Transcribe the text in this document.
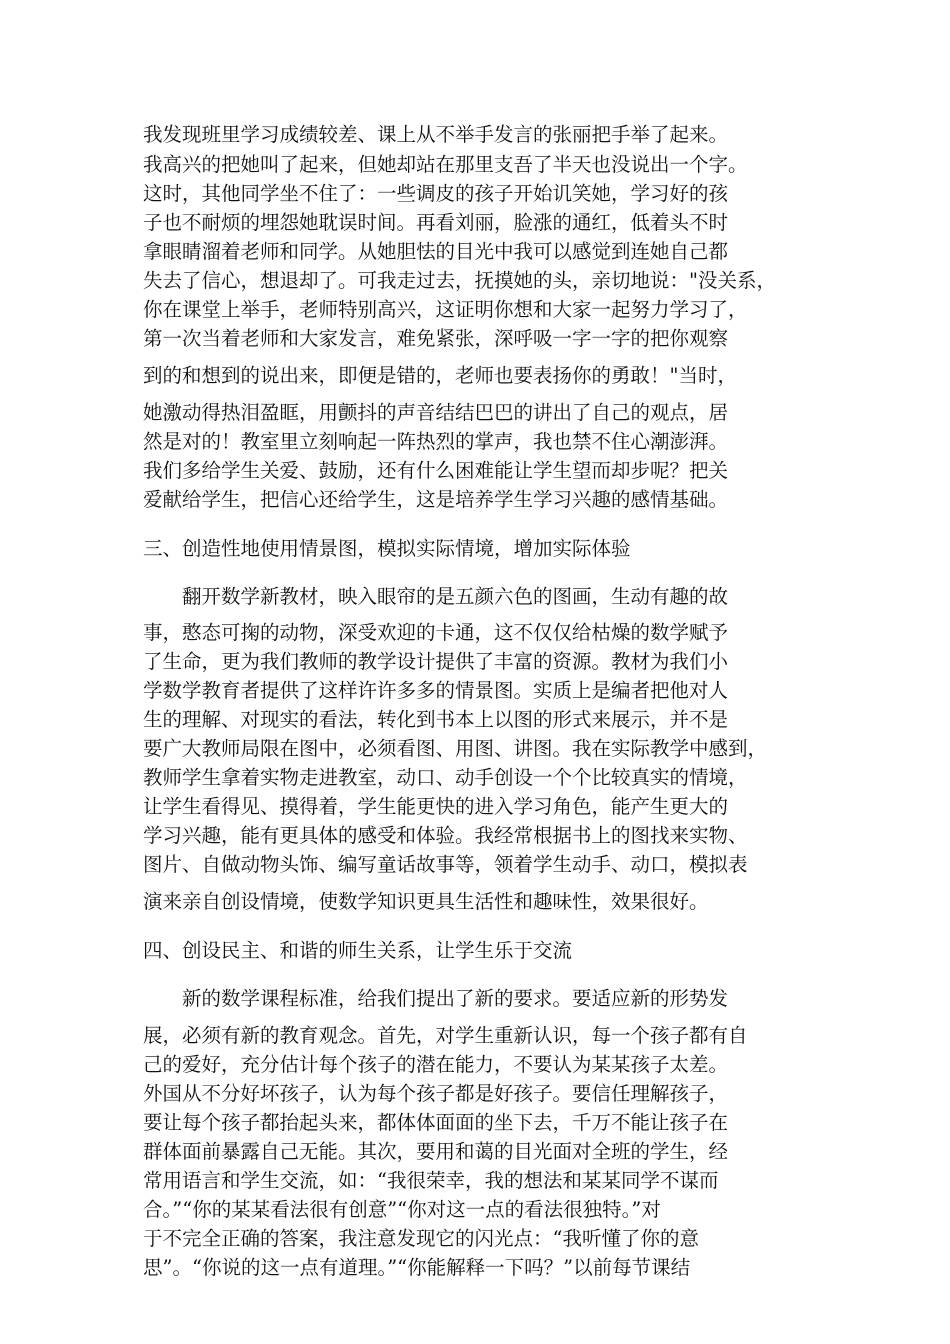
我发现班里学习成绩较差、课上从不举手发言的张丽把手举了起来。
我高兴的把她叫了起来，但她却站在那里支吾了半天也没说出一个字。
这时，其他同学坐不住了：一些调皮的孩子开始讥笑她，学习好的孩
子也不耐烦的埋怨她耽误时间。再看刘丽，脸涨的通红，低着头不时
拿眼睛溜着老师和同学。从她胆怯的目光中我可以感觉到连她自己都
失去了信心，想退却了。可我走过去，抚摸她的头，亲切地说："没关系，
你在课堂上举手，老师特别高兴，这证明你想和大家一起努力学习了，
第一次当着老师和大家发言，难免紧张，深呼吸一字一字的把你观察
到的和想到的说出来，即便是错的，老师也要表扬你的勇敢！"当时，
她激动得热泪盈眶，用颤抖的声音结结巴巴的讲出了自己的观点，居
然是对的！教室里立刻响起一阵热烈的掌声，我也禁不住心潮澎湃。
我们多给学生关爱、鼓励，还有什么困难能让学生望而却步呢？把关
爱献给学生，把信心还给学生，这是培养学生学习兴趣的感情基础。
三、创造性地使用情景图，模拟实际情境，增加实际体验
翻开数学新教材，映入眼帘的是五颜六色的图画，生动有趣的故
事，憨态可掬的动物，深受欢迎的卡通，这不仅仅给枯燥的数学赋予
了生命，更为我们教师的教学设计提供了丰富的资源。教材为我们小
学数学教育者提供了这样许许多多的情景图。实质上是编者把他对人
生的理解、对现实的看法，转化到书本上以图的形式来展示，并不是
要广大教师局限在图中，必须看图、用图、讲图。我在实际教学中感到，
教师学生拿着实物走进教室，动口、动手创设一个个比较真实的情境，
让学生看得见、摸得着，学生能更快的进入学习角色，能产生更大的
学习兴趣，能有更具体的感受和体验。我经常根据书上的图找来实物、
图片、自做动物头饰、编写童话故事等，领着学生动手、动口，模拟表
演来亲自创设情境，使数学知识更具生活性和趣味性，效果很好。
四、创设民主、和谐的师生关系，让学生乐于交流
新的数学课程标准，给我们提出了新的要求。要适应新的形势发
展，必须有新的教育观念。首先，对学生重新认识，每一个孩子都有自
己的爱好，充分估计每个孩子的潜在能力，不要认为某某孩子太差。
外国从不分好坏孩子，认为每个孩子都是好孩子。要信任理解孩子，
要让每个孩子都抬起头来，都体体面面的坐下去，千万不能让孩子在
群体面前暴露自己无能。其次，要用和蔼的目光面对全班的学生，经
常用语言和学生交流，如：“我很荣幸，我的想法和某某同学不谋而
合。”“你的某某看法很有创意”“你对这一点的看法很独特。”对
于不完全正确的答案，我注意发现它的闪光点：“我听懂了你的意
思”。“你说的这一点有道理。”“你能解释一下吗？”以前每节课结
